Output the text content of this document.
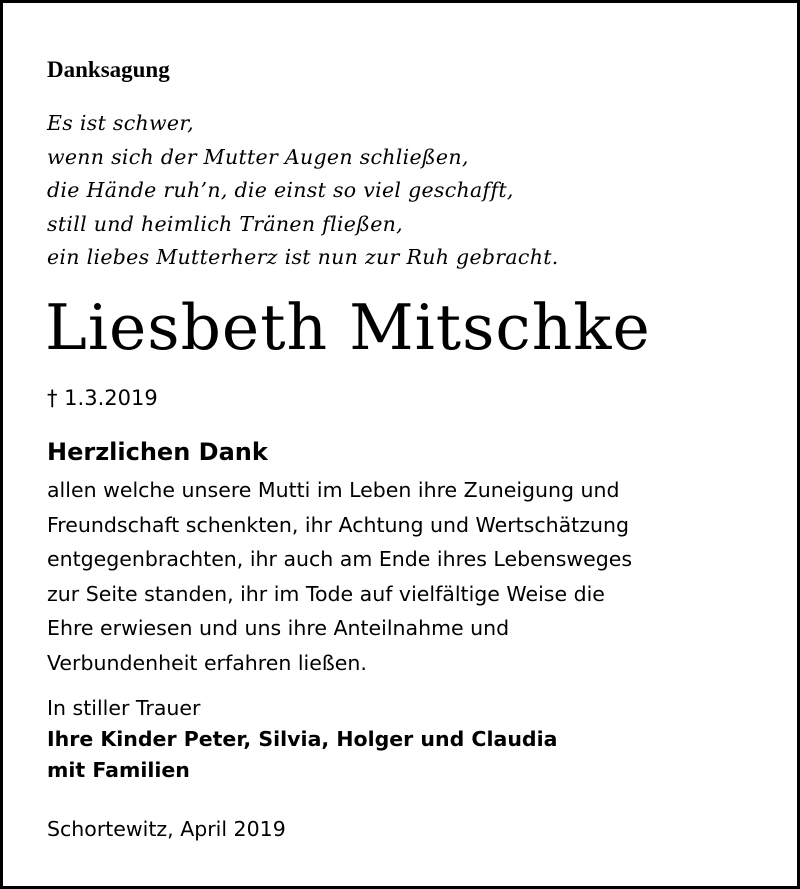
Danksagung
Es ist schwer,
wenn sich der Mutter Augen schließen,
die Hände ruh’n, die einst so viel geschafft,
still und heimlich Tränen fließen,
ein liebes Mutterherz ist nun zur Ruh gebracht.
Liesbeth Mitschke
† 1.3.2019
Herzlichen Dank
allen welche unsere Mutti im Leben ihre Zuneigung und
Freundschaft schenkten, ihr Achtung und Wertschätzung
entgegenbrachten, ihr auch am Ende ihres Lebensweges
zur Seite standen, ihr im Tode auf vielfältige Weise die
Ehre erwiesen und uns ihre Anteilnahme und
Verbundenheit erfahren ließen.
In stiller Trauer
Ihre Kinder Peter, Silvia, Holger und Claudia
mit Familien
Schortewitz, April 2019
